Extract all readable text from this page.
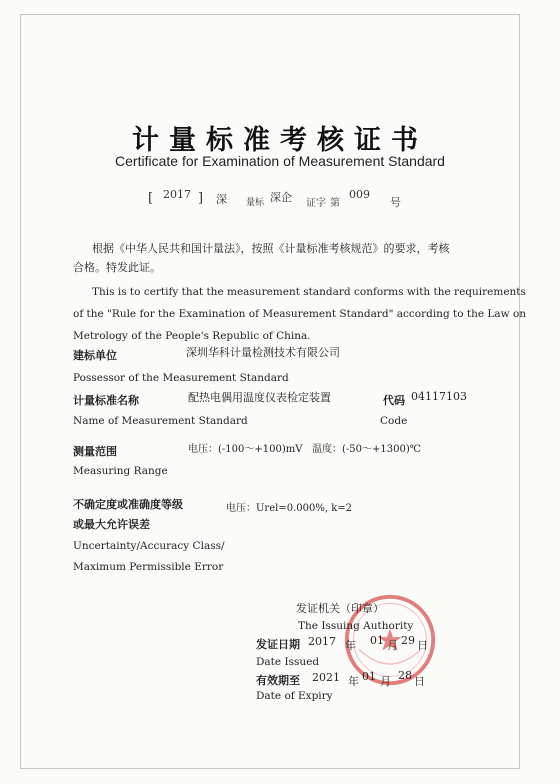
计量标准考核证书
Certificate for Examination of Measurement Standard
[ 2017 ] 深 量标 深企 证字 第
009
号
根据《中华人民共和国计量法》，按照《计量标准考核规范》的要求，考核
合格。特发此证。
This is to certify that the measurement standard conforms with the requirements
of the "Rule for the Examination of Measurement Standard" according to the Law on
Metrology of the People's Republic of China.
建标单位	深圳华科计量检测技术有限公司
Possessor of the Measurement Standard
计量标准名称	配热电偶用温度仪表检定装置	代码 04117103
Name of Measurement Standard	Code
测量范围	电压：(-100～+100)mV 温度：(-50～+1300)℃
Measuring Range
不确定度或准确度等级	电压：Urel=0.000%, k=2
或最大允许误差
Uncertainty/Accuracy Class/
Maximum Permissible Error
发证机关（印章）
The Issuing Authority
发证日期 2017 年 01 月 29 日
Date Issued
有效期至 2021 年 01 月 28 日
Date of Expiry
